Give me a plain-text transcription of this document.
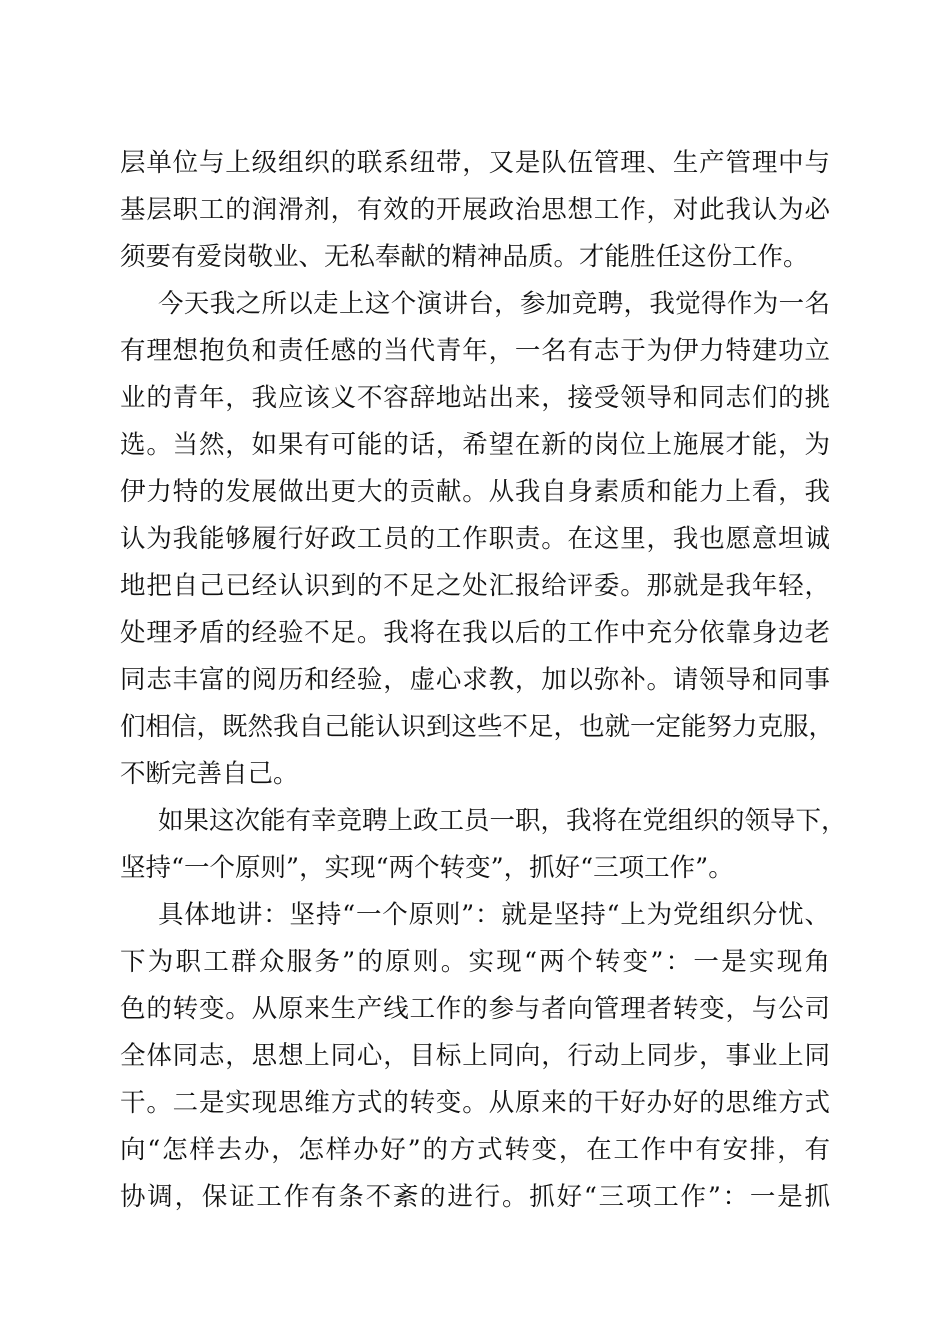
层单位与上级组织的联系纽带，又是队伍管理、生产管理中与
基层职工的润滑剂，有效的开展政治思想工作，对此我认为必
须要有爱岗敬业、无私奉献的精神品质。才能胜任这份工作。
今天我之所以走上这个演讲台，参加竞聘，我觉得作为一名
有理想抱负和责任感的当代青年，一名有志于为伊力特建功立
业的青年，我应该义不容辞地站出来，接受领导和同志们的挑
选。当然，如果有可能的话，希望在新的岗位上施展才能，为
伊力特的发展做出更大的贡献。从我自身素质和能力上看，我
认为我能够履行好政工员的工作职责。在这里，我也愿意坦诚
地把自己已经认识到的不足之处汇报给评委。那就是我年轻，
处理矛盾的经验不足。我将在我以后的工作中充分依靠身边老
同志丰富的阅历和经验，虚心求教，加以弥补。请领导和同事
们相信，既然我自己能认识到这些不足，也就一定能努力克服，
不断完善自己。
如果这次能有幸竞聘上政工员一职，我将在党组织的领导下，
坚持“一个原则”，实现“两个转变”，抓好“三项工作”。
具体地讲：坚持“一个原则”：就是坚持“上为党组织分忧、
下为职工群众服务”的原则。实现“两个转变”：一是实现角
色的转变。从原来生产线工作的参与者向管理者转变，与公司
全体同志，思想上同心，目标上同向，行动上同步，事业上同
干。二是实现思维方式的转变。从原来的干好办好的思维方式
向“怎样去办，怎样办好”的方式转变，在工作中有安排，有
协调，保证工作有条不紊的进行。抓好“三项工作”：一是抓
